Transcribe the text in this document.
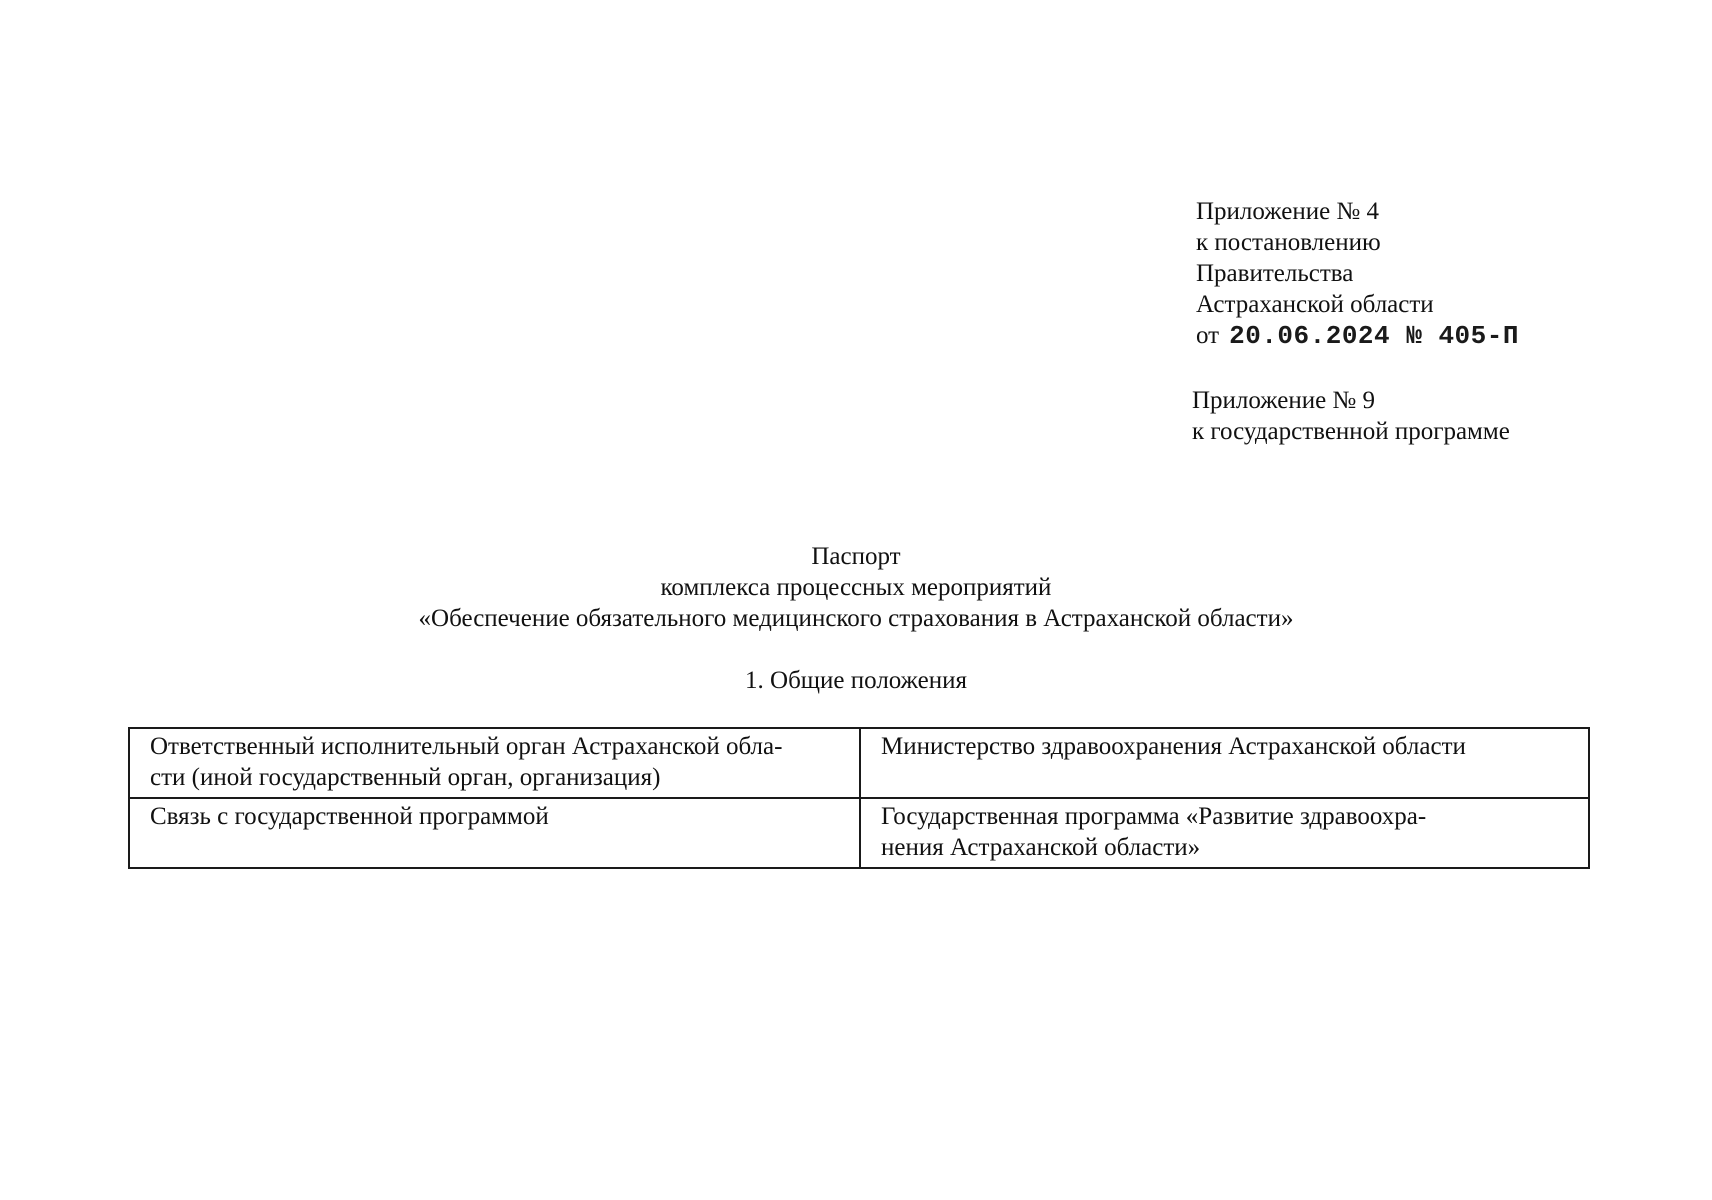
Приложение № 4
к постановлению
Правительства
Астраханской области
от 20.06.2024 № 405-П
Приложение № 9
к государственной программе
Паспорт
комплекса процессных мероприятий
«Обеспечение обязательного медицинского страхования в Астраханской области»
1. Общие положения
Ответственный исполнительный орган Астраханской обла-
сти (иной государственный орган, организация)	Министерство здравоохранения Астраханской области

Связь с государственной программой	Государственная программа «Развитие здравоохра-
нения Астраханской области»
